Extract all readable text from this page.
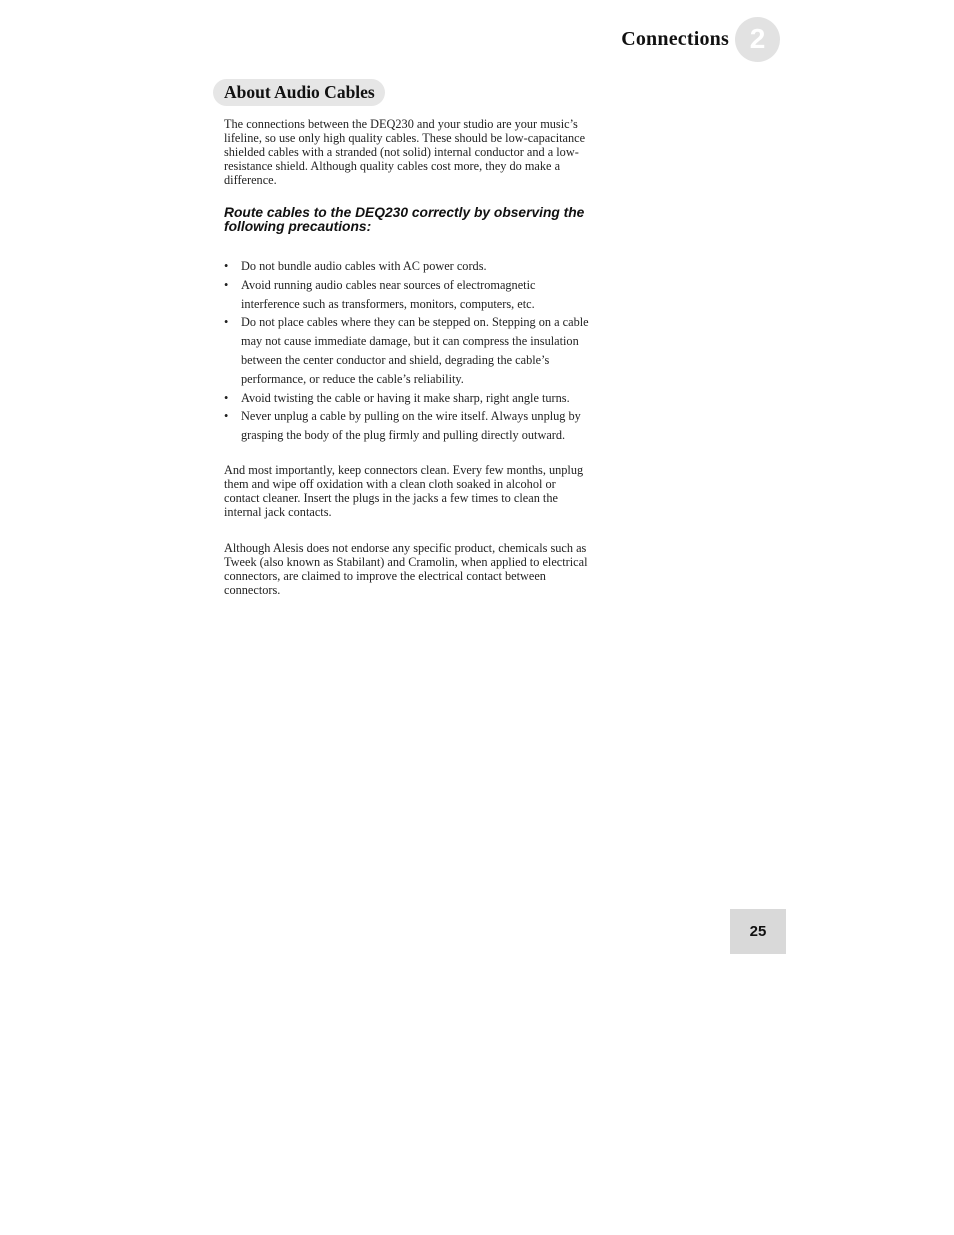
Connections 2
About Audio Cables

The connections between the DEQ230 and your studio are your music’s lifeline, so use only high quality cables. These should be low-capacitance shielded cables with a stranded (not solid) internal conductor and a low-resistance shield. Although quality cables cost more, they do make a difference.

Route cables to the DEQ230 correctly by observing the following precautions:

• Do not bundle audio cables with AC power cords.
• Avoid running audio cables near sources of electromagnetic interference such as transformers, monitors, computers, etc.
• Do not place cables where they can be stepped on. Stepping on a cable may not cause immediate damage, but it can compress the insulation between the center conductor and shield, degrading the cable’s performance, or reduce the cable’s reliability.
• Avoid twisting the cable or having it make sharp, right angle turns.
• Never unplug a cable by pulling on the wire itself. Always unplug by grasping the body of the plug firmly and pulling directly outward.

And most importantly, keep connectors clean. Every few months, unplug them and wipe off oxidation with a clean cloth soaked in alcohol or contact cleaner. Insert the plugs in the jacks a few times to clean the internal jack contacts.

Although Alesis does not endorse any specific product, chemicals such as Tweek (also known as Stabilant) and Cramolin, when applied to electrical connectors, are claimed to improve the electrical contact between connectors.

25
